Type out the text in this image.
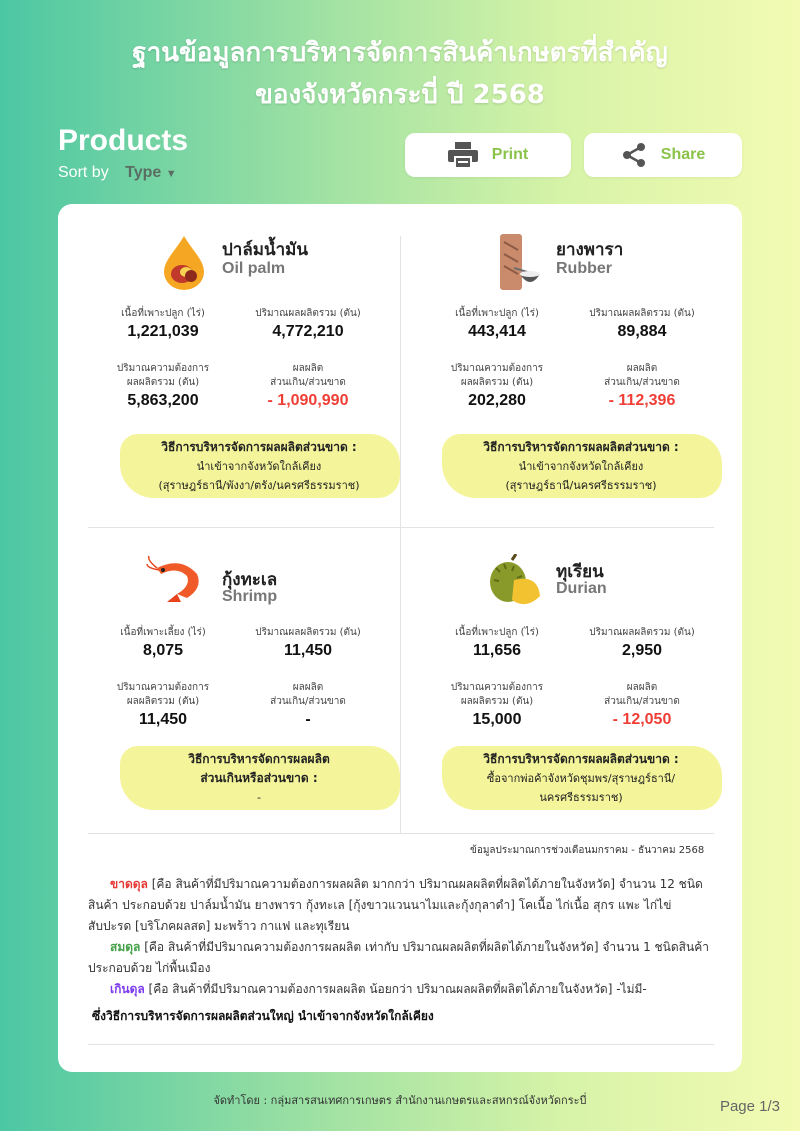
ฐานข้อมูลการบริหารจัดการสินค้าเกษตรที่สำคัญ
ของจังหวัดกระบี่ ปี 2568
Products
Sort by Type ▼
Print	Share
ปาล์มน้ำมัน
Oil palm
เนื้อที่เพาะปลูก (ไร่)
1,221,039
ปริมาณผลผลิตรวม (ตัน)
4,772,210
ปริมาณความต้องการ
ผลผลิตรวม (ตัน)
5,863,200
ผลผลิต
ส่วนเกิน/ส่วนขาด
- 1,090,990
วิธีการบริหารจัดการผลผลิตส่วนขาด :
นำเข้าจากจังหวัดใกล้เคียง
(สุราษฎร์ธานี/พังงา/ตรัง/นครศรีธรรมราช)
ยางพารา
Rubber
เนื้อที่เพาะปลูก (ไร่)
443,414
ปริมาณผลผลิตรวม (ตัน)
89,884
ปริมาณความต้องการ
ผลผลิตรวม (ตัน)
202,280
ผลผลิต
ส่วนเกิน/ส่วนขาด
- 112,396
วิธีการบริหารจัดการผลผลิตส่วนขาด :
นำเข้าจากจังหวัดใกล้เคียง
(สุราษฎร์ธานี/นครศรีธรรมราช)
กุ้งทะเล
Shrimp
เนื้อที่เพาะเลี้ยง (ไร่)
8,075
ปริมาณผลผลิตรวม (ตัน)
11,450
ปริมาณความต้องการ
ผลผลิตรวม (ตัน)
11,450
ผลผลิต
ส่วนเกิน/ส่วนขาด
-
วิธีการบริหารจัดการผลผลิต
ส่วนเกินหรือส่วนขาด :
-
ทุเรียน
Durian
เนื้อที่เพาะปลูก (ไร่)
11,656
ปริมาณผลผลิตรวม (ตัน)
2,950
ปริมาณความต้องการ
ผลผลิตรวม (ตัน)
15,000
ผลผลิต
ส่วนเกิน/ส่วนขาด
- 12,050
วิธีการบริหารจัดการผลผลิตส่วนขาด :
ซื้อจากพ่อค้าจังหวัดชุมพร/สุราษฎร์ธานี/
นครศรีธรรมราช)
ข้อมูลประมาณการช่วงเดือนมกราคม - ธันวาคม 2568
ขาดดุล [คือ สินค้าที่มีปริมาณความต้องการผลผลิต มากกว่า ปริมาณผลผลิตที่ผลิตได้ภายในจังหวัด] จำนวน 12 ชนิดสินค้า ประกอบด้วย ปาล์มน้ำมัน ยางพารา กุ้งทะเล [กุ้งขาวแวนนาไมและกุ้งกุลาดำ] โคเนื้อ ไก่เนื้อ สุกร แพะ ไก่ไข่ สับปะรด [บริโภคผลสด] มะพร้าว กาแฟ และทุเรียน
สมดุล [คือ สินค้าที่มีปริมาณความต้องการผลผลิต เท่ากับ ปริมาณผลผลิตที่ผลิตได้ภายในจังหวัด] จำนวน 1 ชนิดสินค้า ประกอบด้วย ไก่พื้นเมือง
เกินดุล [คือ สินค้าที่มีปริมาณความต้องการผลผลิต น้อยกว่า ปริมาณผลผลิตที่ผลิตได้ภายในจังหวัด] -ไม่มี-
ซึ่งวิธีการบริหารจัดการผลผลิตส่วนใหญ่ นำเข้าจากจังหวัดใกล้เคียง
จัดทำโดย : กลุ่มสารสนเทศการเกษตร สำนักงานเกษตรและสหกรณ์จังหวัดกระบี่	Page 1/3
